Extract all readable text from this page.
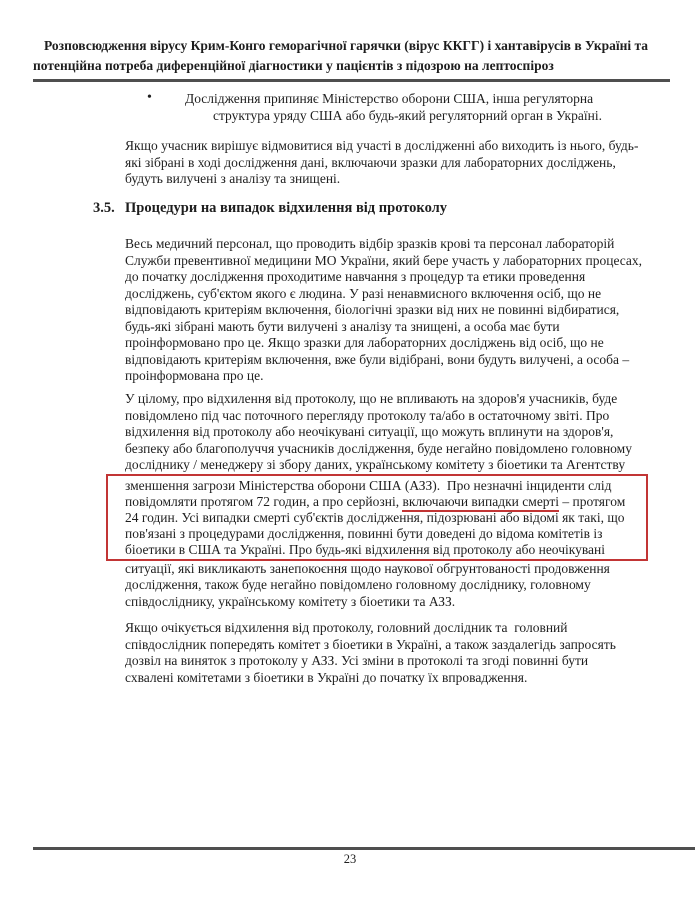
Розповсюдження вірусу Крим-Конго геморагічної гарячки (вірус ККГГ) і хантавірусів в Україні та
потенційна потреба диференційної діагностики у пацієнтів з підозрою на лептоспіроз
•	Дослідження припиняє Міністерство оборони США, інша регуляторна
структура уряду США або будь-який регуляторний орган в Україні.
Якщо учасник вирішує відмовитися від участі в дослідженні або виходить із нього, будь-
які зібрані в ході дослідження дані, включаючи зразки для лабораторних досліджень,
будуть вилучені з аналізу та знищені.
3.5. Процедури на випадок відхилення від протоколу
Весь медичний персонал, що проводить відбір зразків крові та персонал лабораторій
Служби превентивної медицини МО України, який бере участь у лабораторних процесах,
до початку дослідження проходитиме навчання з процедур та етики проведення
досліджень, суб'єктом якого є людина. У разі ненавмисного включення осіб, що не
відповідають критеріям включення, біологічні зразки від них не повинні відбиратися,
будь-які зібрані мають бути вилучені з аналізу та знищені, а особа має бути
проінформовано про це. Якщо зразки для лабораторних досліджень від осіб, що не
відповідають критеріям включення, вже були відібрані, вони будуть вилучені, а особа –
проінформована про це.
У цілому, про відхилення від протоколу, що не впливають на здоров'я учасників, буде
повідомлено під час поточного перегляду протоколу та/або в остаточному звіті. Про
відхилення від протоколу або неочікувані ситуації, що можуть вплинути на здоров'я,
безпеку або благополуччя учасників дослідження, буде негайно повідомлено головному
досліднику / менеджеру зі збору даних, українському комітету з біоетики та Агентству
зменшення загрози Міністерства оборони США (АЗЗ).  Про незначні інциденти слід
повідомляти протягом 72 годин, а про серйозні, включаючи випадки смерті – протягом
24 годин. Усі випадки смерті суб'єктів дослідження, підозрювані або відомі як такі, що
пов'язані з процедурами дослідження, повинні бути доведені до відома комітетів із
біоетики в США та Україні. Про будь-які відхилення від протоколу або неочікувані
ситуації, які викликають занепокоєння щодо наукової обгрунтованості продовження
дослідження, також буде негайно повідомлено головному досліднику, головному
співдосліднику, українському комітету з біоетики та АЗЗ.
Якщо очікується відхилення від протоколу, головний дослідник та  головний
співдослідник попередять комітет з біоетики в Україні, а також заздалегідь запросять
дозвіл на виняток з протоколу у АЗЗ. Усі зміни в протоколі та згоді повинні бути
схвалені комітетами з біоетики в Україні до початку їх впровадження.
23
